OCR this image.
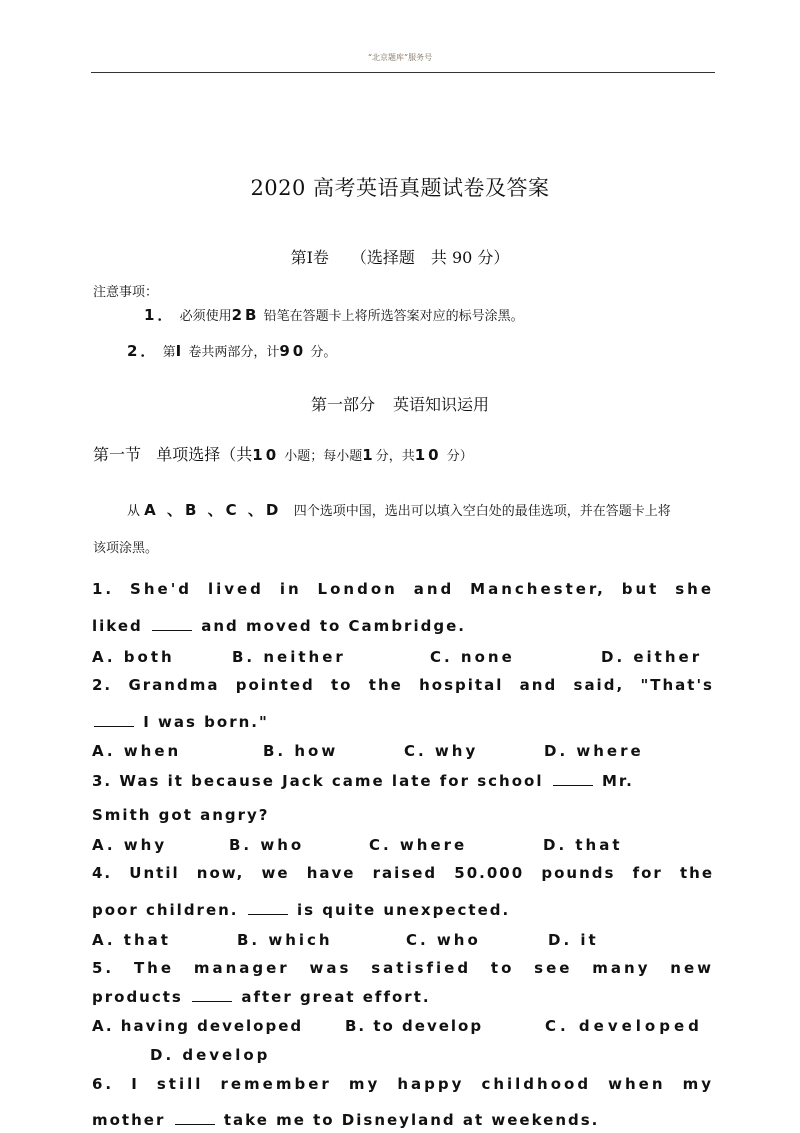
“北京题库”服务号
2020 高考英语真题试卷及答案
第Ⅰ卷 （选择题　共 90 分）
注意事项：
1． 必须使用2B 铅笔在答题卡上将所选答案对应的标号涂黑。
2． 第Ⅰ 卷共两部分，计90 分。
第一部分 英语知识运用
第一节 单项选择（共10 小题；每小题1分，共10 分）
从 A 、B 、C 、D 四个选项中国，选出可以填入空白处的最佳选项，并在答题卡上将
该项涂黑。
1. She'd lived in London and Manchester, but she
liked	and moved to Cambridge.
A. both	B. neither	C. none	D. either
2. Grandma pointed to the hospital and said, "That's
I was born."
A. when	B. how	C. why	D. where
3. Was it because Jack came late for school	Mr.
Smith got angry?
A. why	B. who	C. where	D. that
4. Until now, we have raised 50.000 pounds for the
poor children.	is quite unexpected.
A. that	B. which	C. who	D. it
5. The manager was satisfied to see many new
products	after great effort.
A. having developed	B. to develop	C. developed
D. develop
6. I still remember my happy childhood when my
mother	take me to Disneyland at weekends.
